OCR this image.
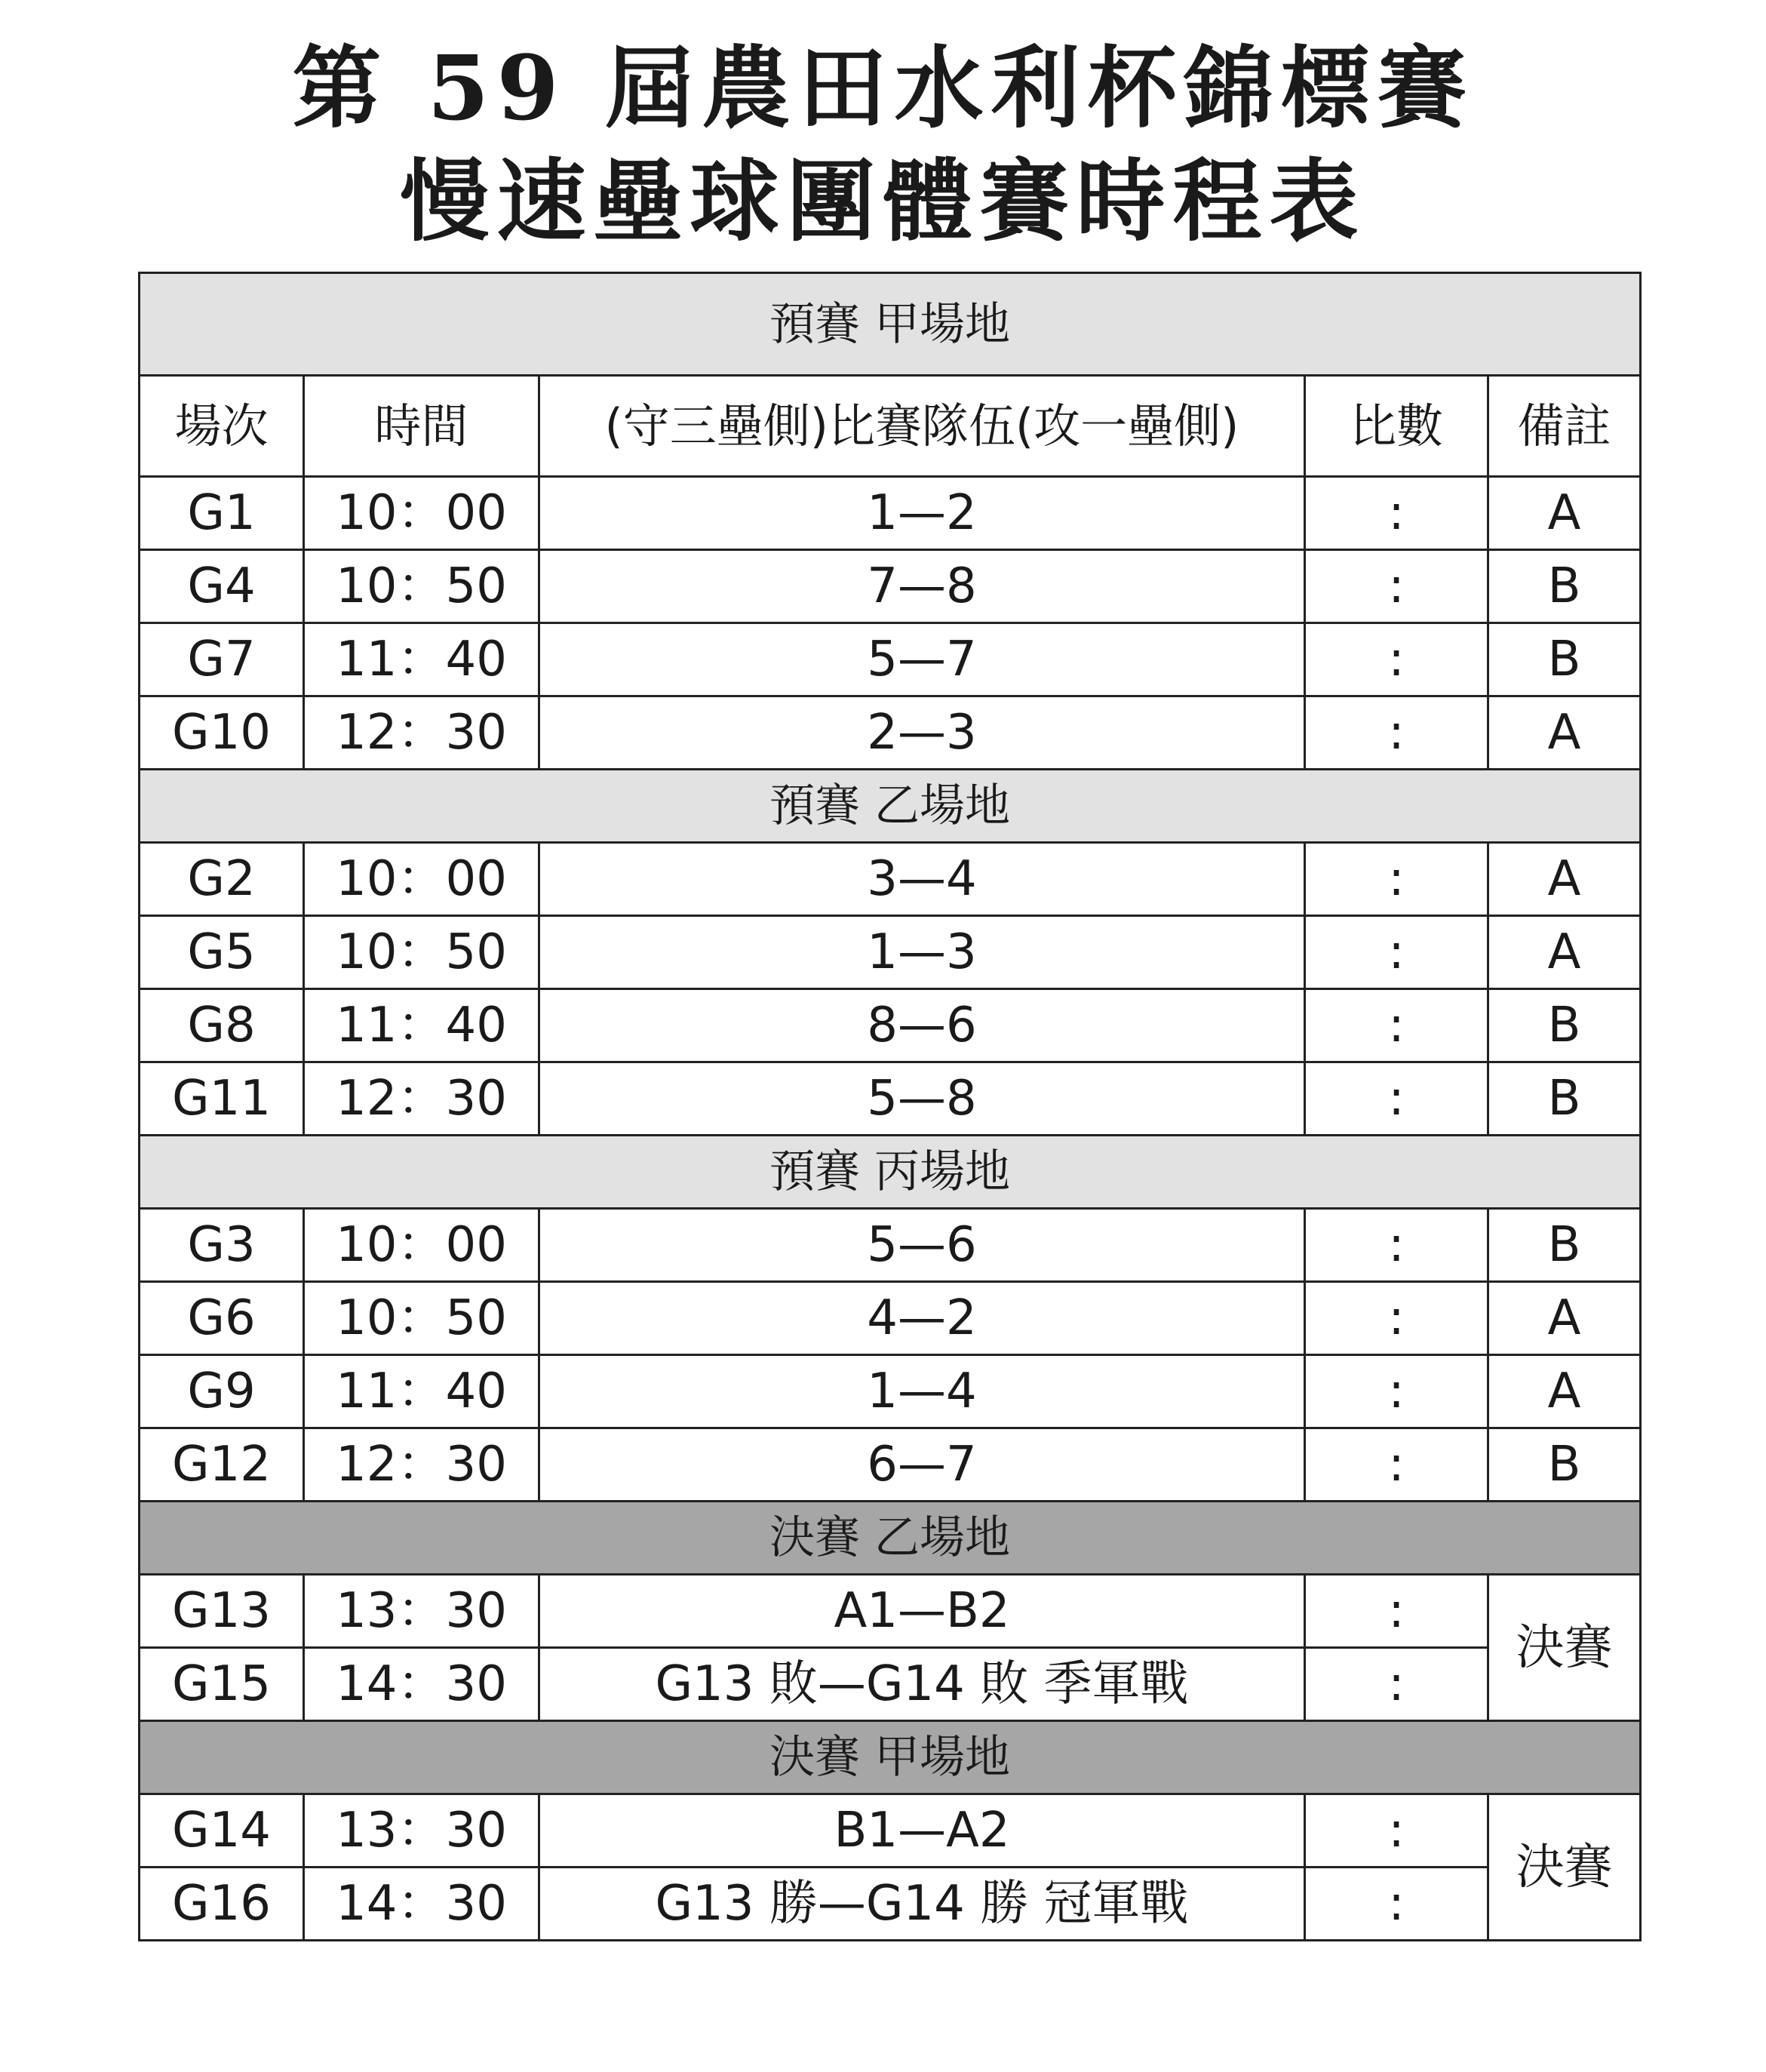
第 59 屆農田水利杯錦標賽
慢速壘球團體賽時程表
預賽 甲場地				
場次	時間	(守三壘側)比賽隊伍(攻一壘側)	比數	備註
G1	10：00	1—2	:	A
G4	10：50	7—8	:	B
G7	11：40	5—7	:	B
G10	12：30	2—3	:	A
預賽 乙場地				
G2	10：00	3—4	:	A
G5	10：50	1—3	:	A
G8	11：40	8—6	:	B
G11	12：30	5—8	:	B
預賽 丙場地				
G3	10：00	5—6	:	B
G6	10：50	4—2	:	A
G9	11：40	1—4	:	A
G12	12：30	6—7	:	B
決賽 乙場地				
G13	13：30	A1—B2	:	決賽
G15	14：30	G13 敗—G14 敗 季軍戰	:	
決賽 甲場地				
G14	13：30	B1—A2	:	決賽
G16	14：30	G13 勝—G14 勝 冠軍戰	:	
